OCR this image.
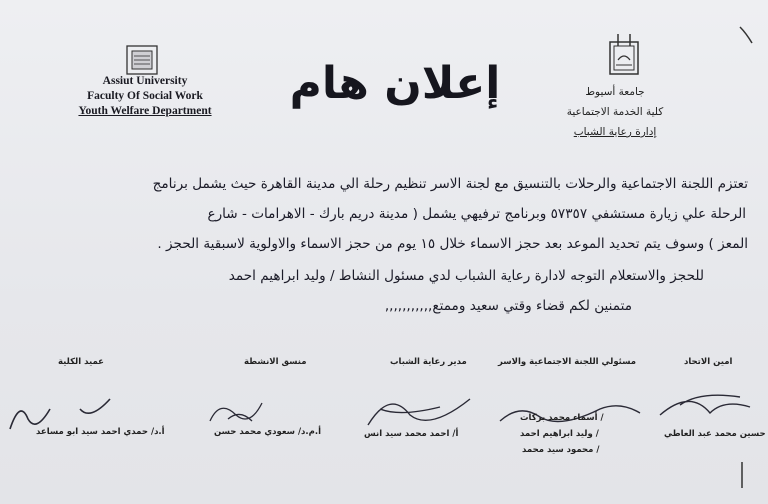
Assiut University
Faculty Of Social Work
Youth Welfare Department
جامعة أسيوط
كلية الخدمة الاجتماعية
إدارة رعاية الشباب
إعلان هام
تعتزم اللجنة الاجتماعية والرحلات بالتنسيق مع لجنة الاسر تنظيم رحلة الي مدينة القاهرة حيث يشمل برنامج
الرحلة علي زيارة مستشفي ٥٧٣٥٧ وبرنامج ترفيهي يشمل ( مدينة دريم بارك - الاهرامات - شارع
المعز ) وسوف يتم تحديد الموعد بعد حجز الاسماء خلال ١٥ يوم من حجز الاسماء والاولوية لاسبقية الحجز .
للحجز والاستعلام التوجه لادارة رعاية الشباب لدي مسئول النشاط / وليد ابراهيم احمد
متمنين لكم قضاء وقتي سعيد وممتع,,,,,,,,,,,
امين الاتحاد
مسئولي اللجنة الاجتماعية والاسر
مدير رعاية الشباب
منسق الانشطة
عميد الكلية
حسين محمد عبد العاطي
/ أسماء محمد بركات
/ وليد ابراهيم احمد
/ محمود سيد محمد
أ/ احمد محمد سيد انس
أ.م.د/ سعودي محمد حسن
أ.د/ حمدي احمد سيد ابو مساعد
